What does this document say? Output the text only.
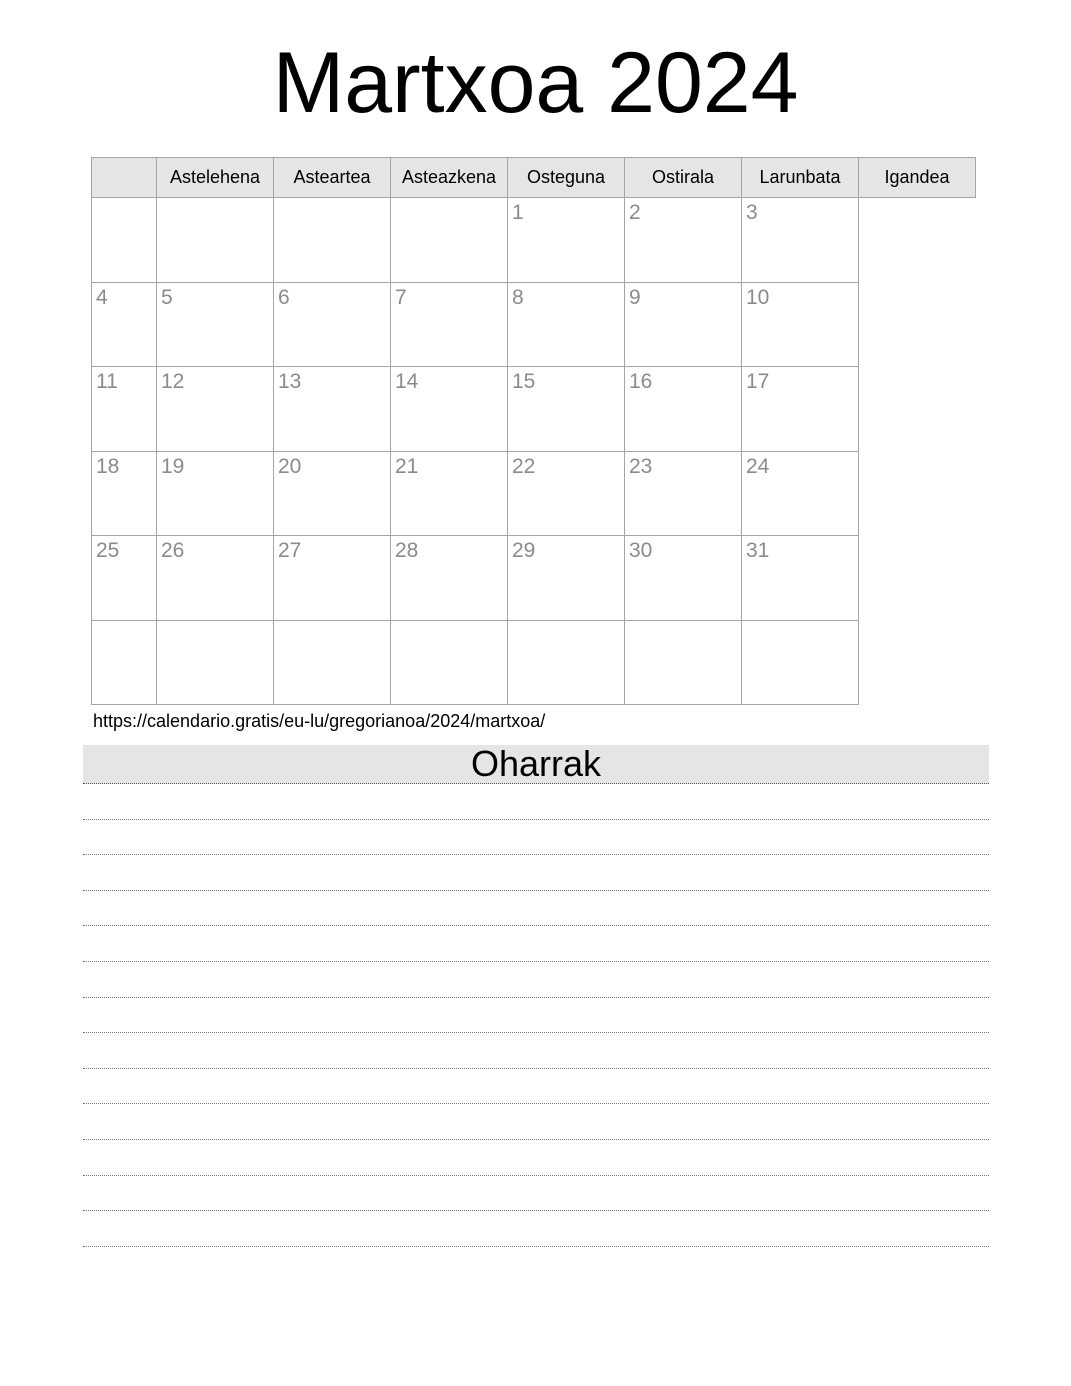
Martxoa 2024
	Astelehena	Asteartea	Asteazkena	Osteguna	Ostirala	Larunbata	Igandea
				1	2	3	
4	5	6	7	8	9	10	
11	12	13	14	15	16	17	
18	19	20	21	22	23	24	
25	26	27	28	29	30	31	

https://calendario.gratis/eu-lu/gregorianoa/2024/martxoa/

Oharrak
